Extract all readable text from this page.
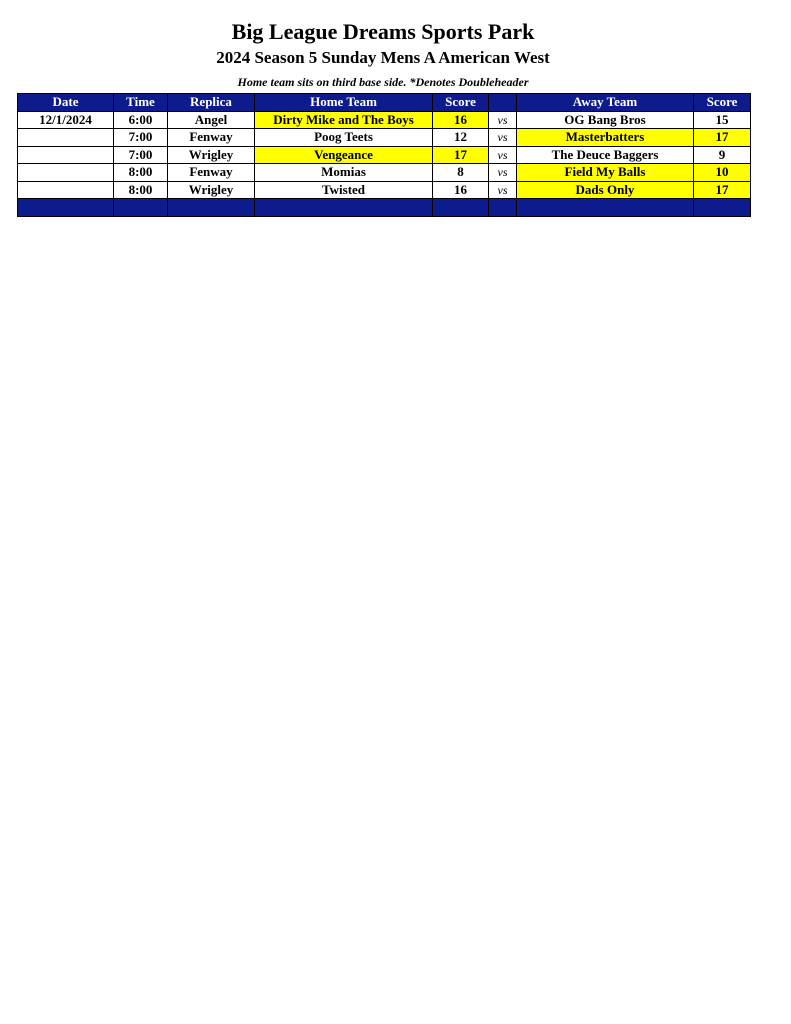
Big League Dreams Sports Park
2024 Season 5 Sunday Mens A American West
Home team sits on third base side. *Denotes Doubleheader
Date	Time	Replica	Home Team	Score		Away Team	Score
12/1/2024	6:00	Angel	Dirty Mike and The Boys	16	vs	OG Bang Bros	15
	7:00	Fenway	Poog Teets	12	vs	Masterbatters	17
	7:00	Wrigley	Vengeance	17	vs	The Deuce Baggers	9
	8:00	Fenway	Momias	8	vs	Field My Balls	10
	8:00	Wrigley	Twisted	16	vs	Dads Only	17
